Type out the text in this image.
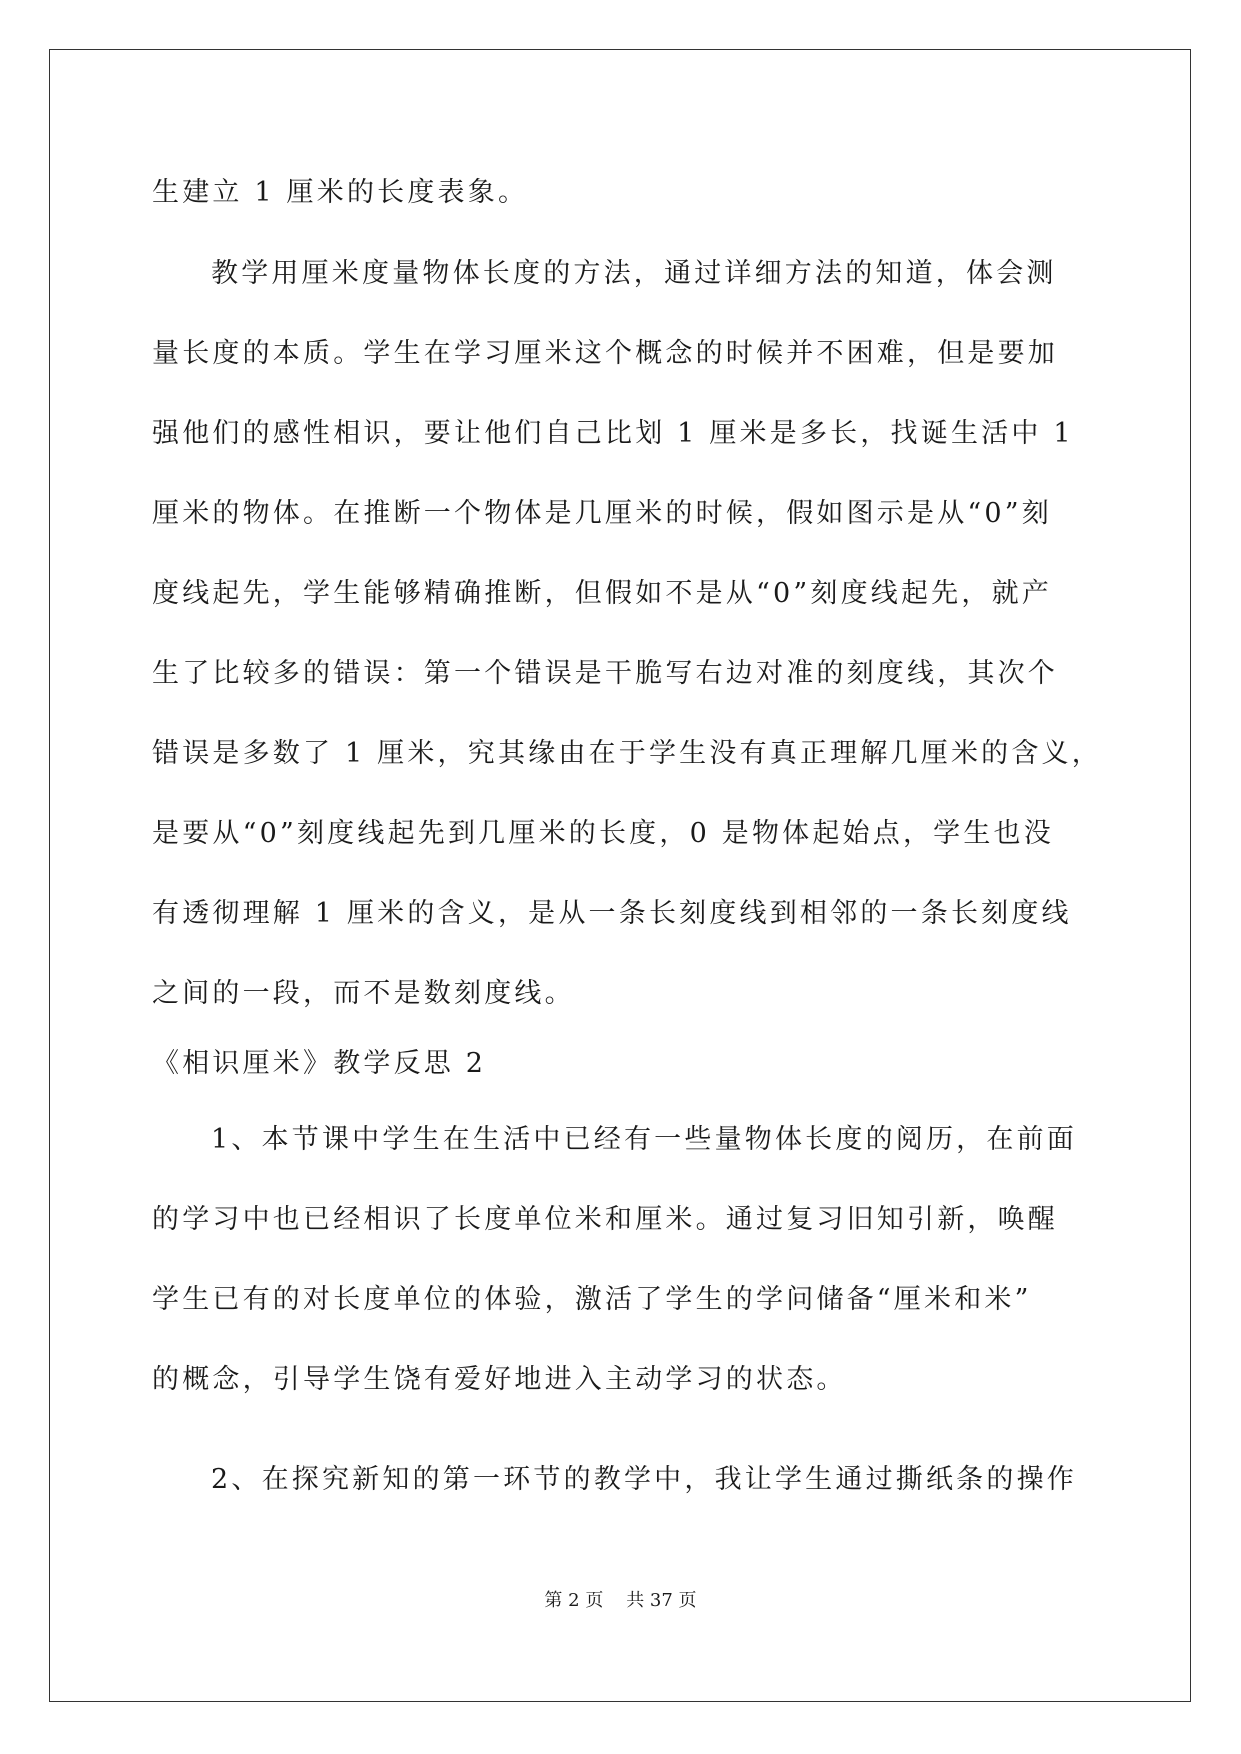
生建立 1 厘米的长度表象。
教学用厘米度量物体长度的方法，通过详细方法的知道，体会测
量长度的本质。学生在学习厘米这个概念的时候并不困难，但是要加
强他们的感性相识，要让他们自己比划 1 厘米是多长，找诞生活中 1
厘米的物体。在推断一个物体是几厘米的时候，假如图示是从“0”刻
度线起先，学生能够精确推断，但假如不是从“0”刻度线起先，就产
生了比较多的错误：第一个错误是干脆写右边对准的刻度线，其次个
错误是多数了 1 厘米，究其缘由在于学生没有真正理解几厘米的含义，
是要从“0”刻度线起先到几厘米的长度，0 是物体起始点，学生也没
有透彻理解 1 厘米的含义，是从一条长刻度线到相邻的一条长刻度线
之间的一段，而不是数刻度线。
《相识厘米》教学反思 2
1、本节课中学生在生活中已经有一些量物体长度的阅历，在前面
的学习中也已经相识了长度单位米和厘米。通过复习旧知引新，唤醒
学生已有的对长度单位的体验，激活了学生的学问储备“厘米和米”
的概念，引导学生饶有爱好地进入主动学习的状态。
2、在探究新知的第一环节的教学中，我让学生通过撕纸条的操作
第 2 页    共 37 页
